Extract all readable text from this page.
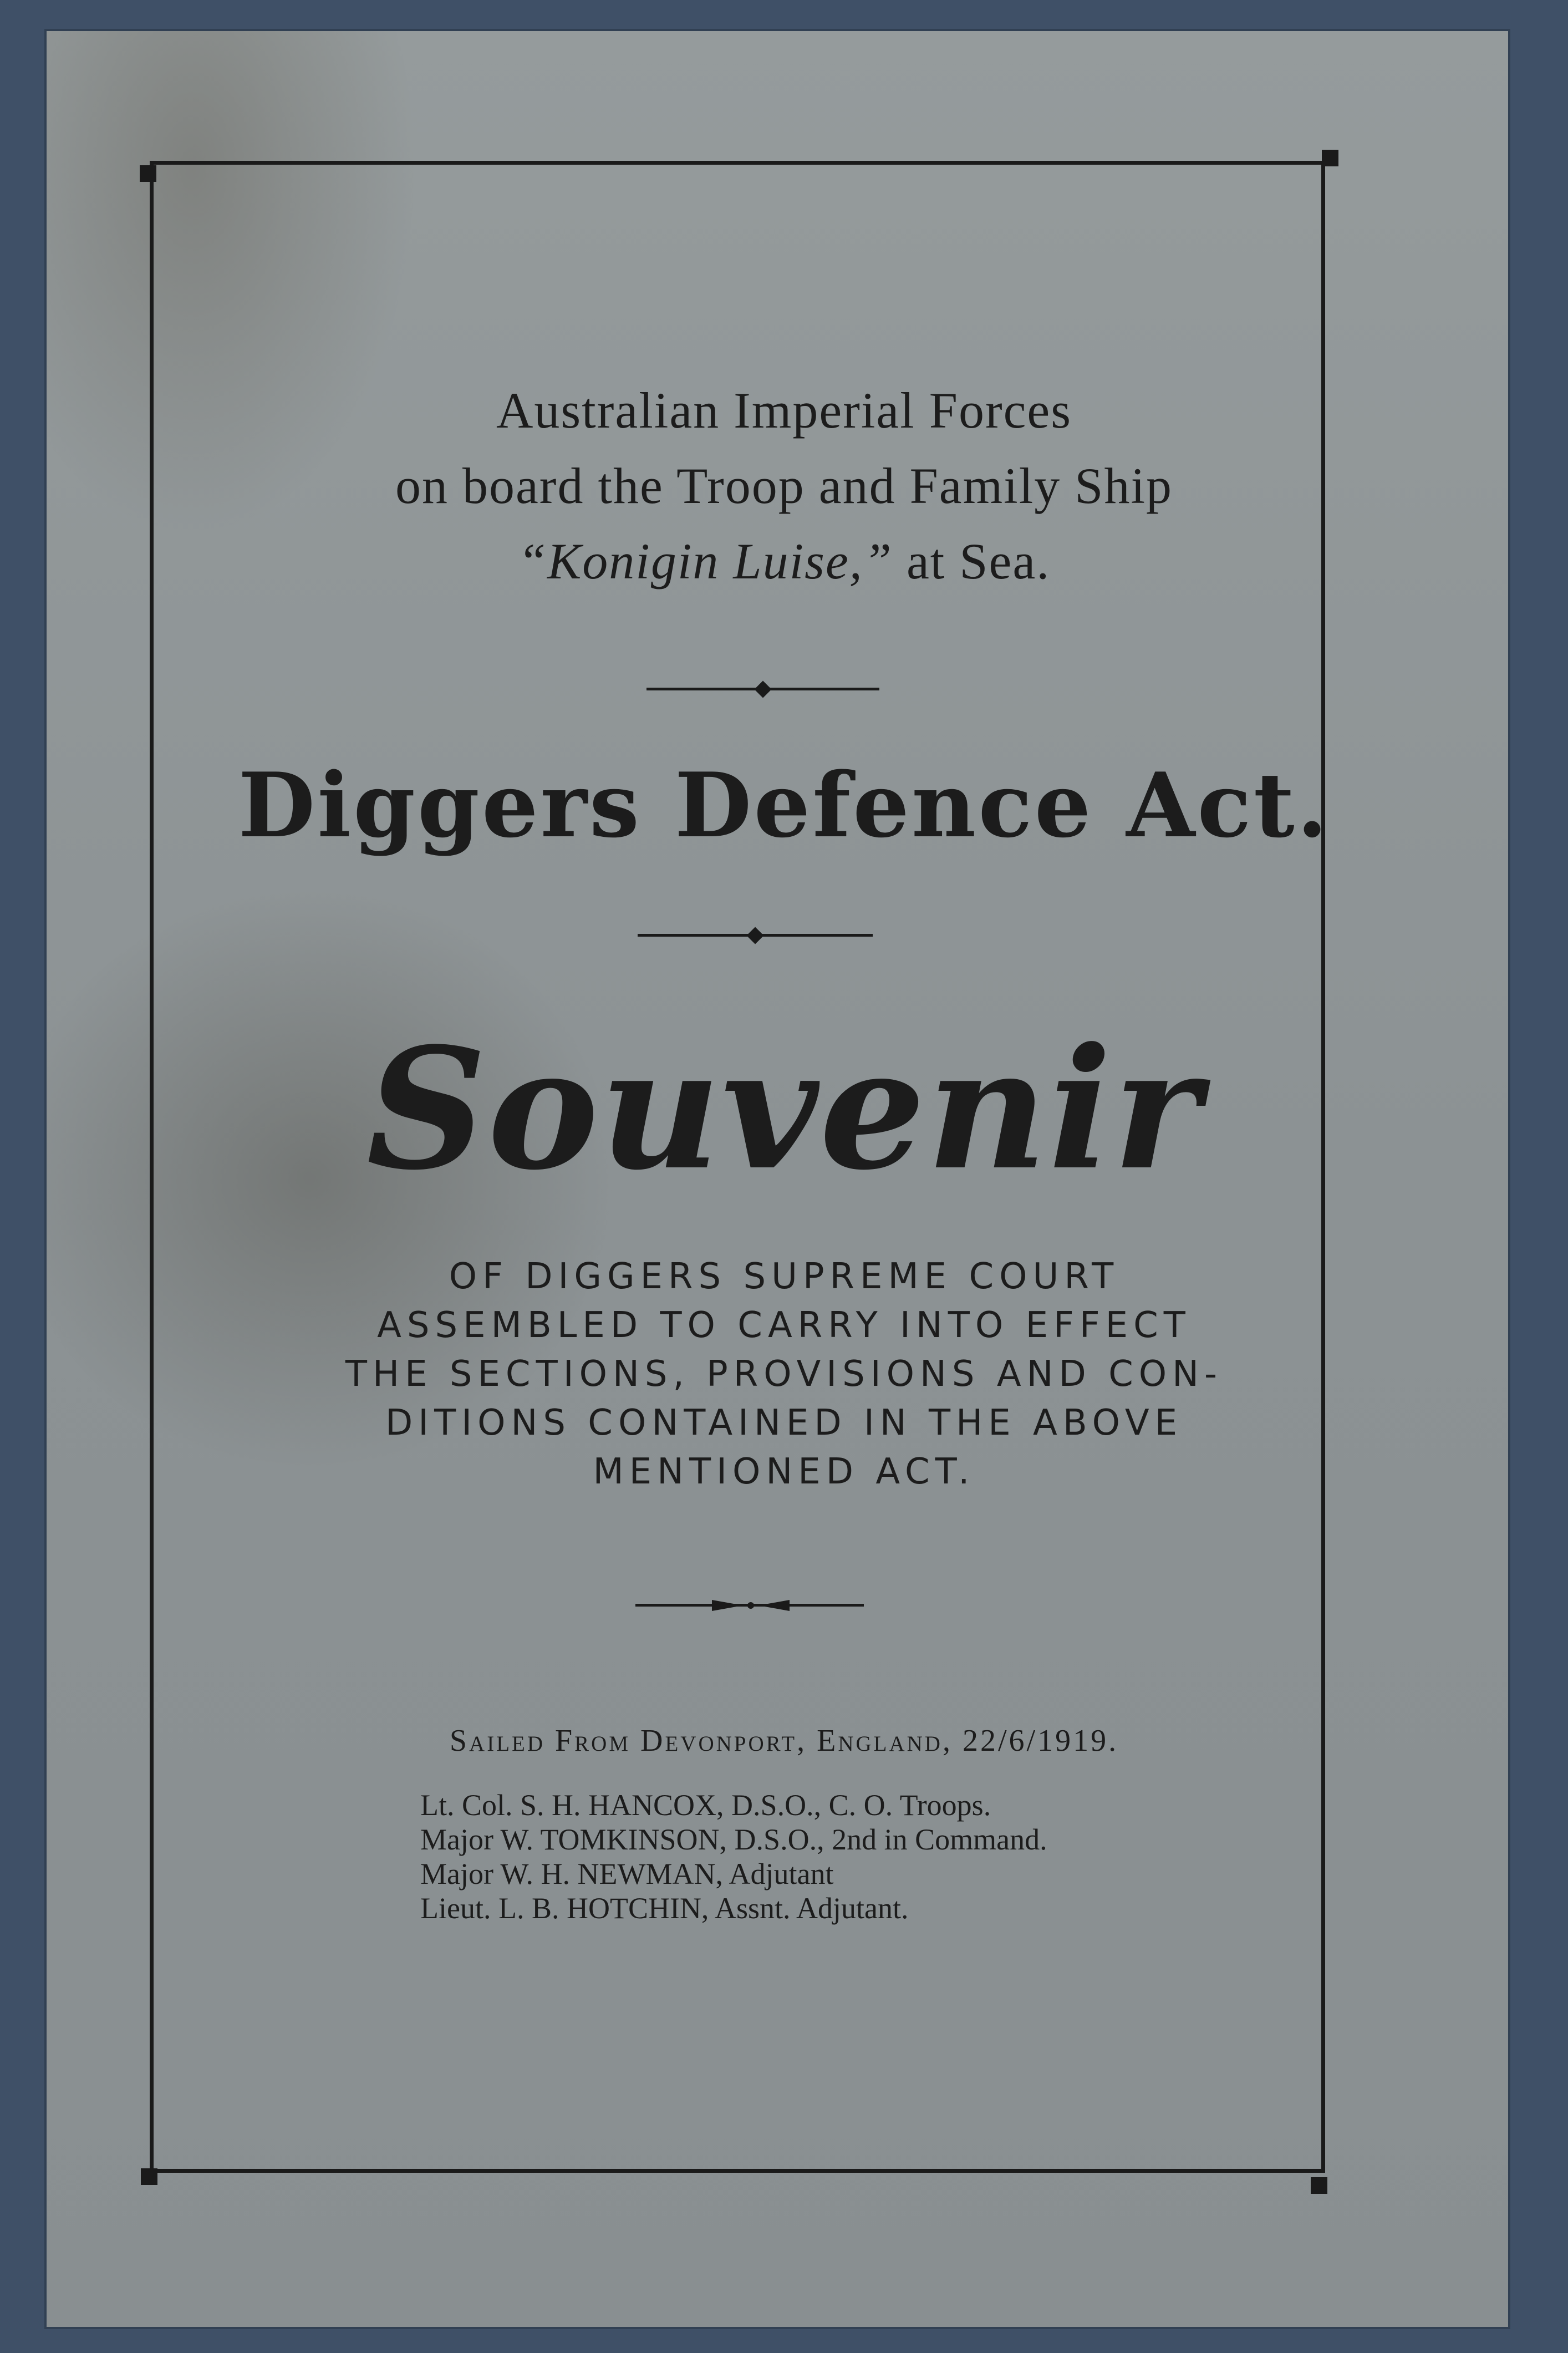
Australian Imperial Forces

on board the Troop and Family Ship

“Konigin Luise,” at Sea.

Diggers Defence Act.

Souvenir

OF DIGGERS SUPREME COURT

ASSEMBLED TO CARRY INTO EFFECT

THE SECTIONS, PROVISIONS AND CON-

DITIONS CONTAINED IN THE ABOVE

MENTIONED ACT.

Sailed From Devonport, England, 22/6/1919.

Lt. Col. S. H. HANCOX, D.S.O., C. O. Troops.
Major W. TOMKINSON, D.S.O., 2nd in Command.
Major W. H. NEWMAN, Adjutant
Lieut. L. B. HOTCHIN, Assnt. Adjutant.
